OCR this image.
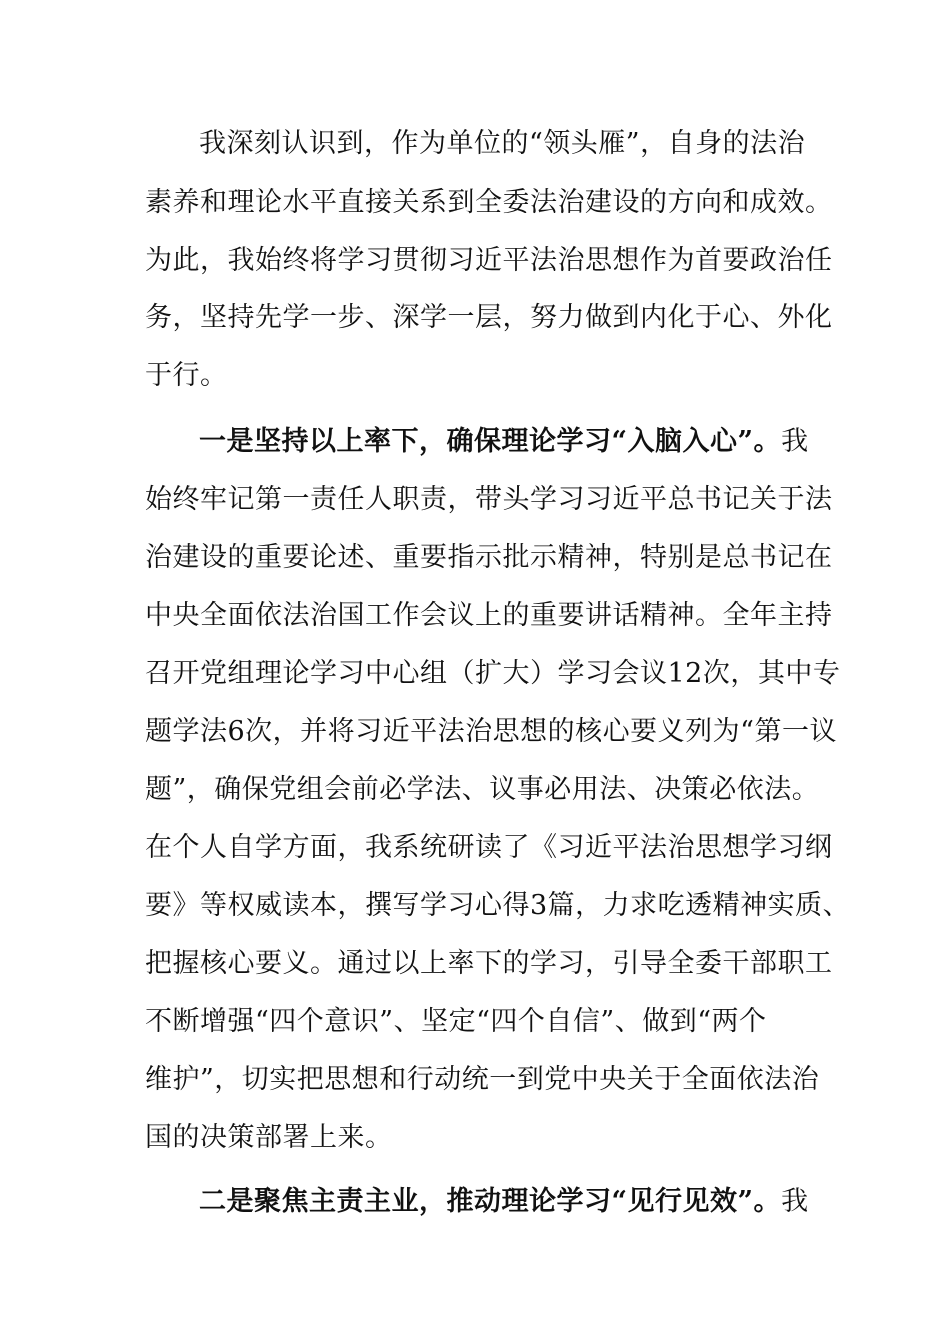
我深刻认识到，作为单位的“领头雁”，自身的法治

素养和理论水平直接关系到全委法治建设的方向和成效。

为此，我始终将学习贯彻习近平法治思想作为首要政治任

务，坚持先学一步、深学一层，努力做到内化于心、外化

于行。

一是坚持以上率下，确保理论学习“入脑入心”。我

始终牢记第一责任人职责，带头学习习近平总书记关于法

治建设的重要论述、重要指示批示精神，特别是总书记在

中央全面依法治国工作会议上的重要讲话精神。全年主持

召开党组理论学习中心组（扩大）学习会议12次，其中专

题学法6次，并将习近平法治思想的核心要义列为“第一议

题”，确保党组会前必学法、议事必用法、决策必依法。

在个人自学方面，我系统研读了《习近平法治思想学习纲

要》等权威读本，撰写学习心得3篇，力求吃透精神实质、

把握核心要义。通过以上率下的学习，引导全委干部职工

不断增强“四个意识”、坚定“四个自信”、做到“两个

维护”，切实把思想和行动统一到党中央关于全面依法治

国的决策部署上来。

二是聚焦主责主业，推动理论学习“见行见效”。我
